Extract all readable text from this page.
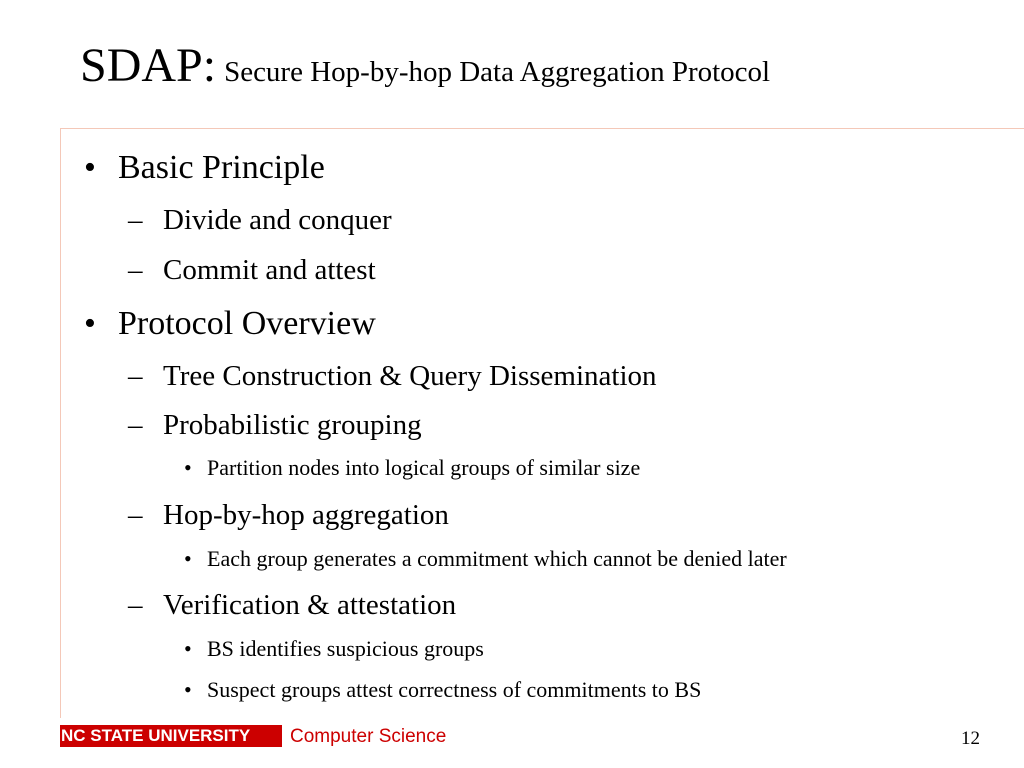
SDAP: Secure Hop-by-hop Data Aggregation Protocol
• Basic Principle
– Divide and conquer
– Commit and attest
• Protocol Overview
– Tree Construction & Query Dissemination
– Probabilistic grouping
• Partition nodes into logical groups of similar size
– Hop-by-hop aggregation
• Each group generates a commitment which cannot be denied later
– Verification & attestation
• BS identifies suspicious groups
• Suspect groups attest correctness of commitments to BS
NC STATE UNIVERSITY	Computer Science	12
